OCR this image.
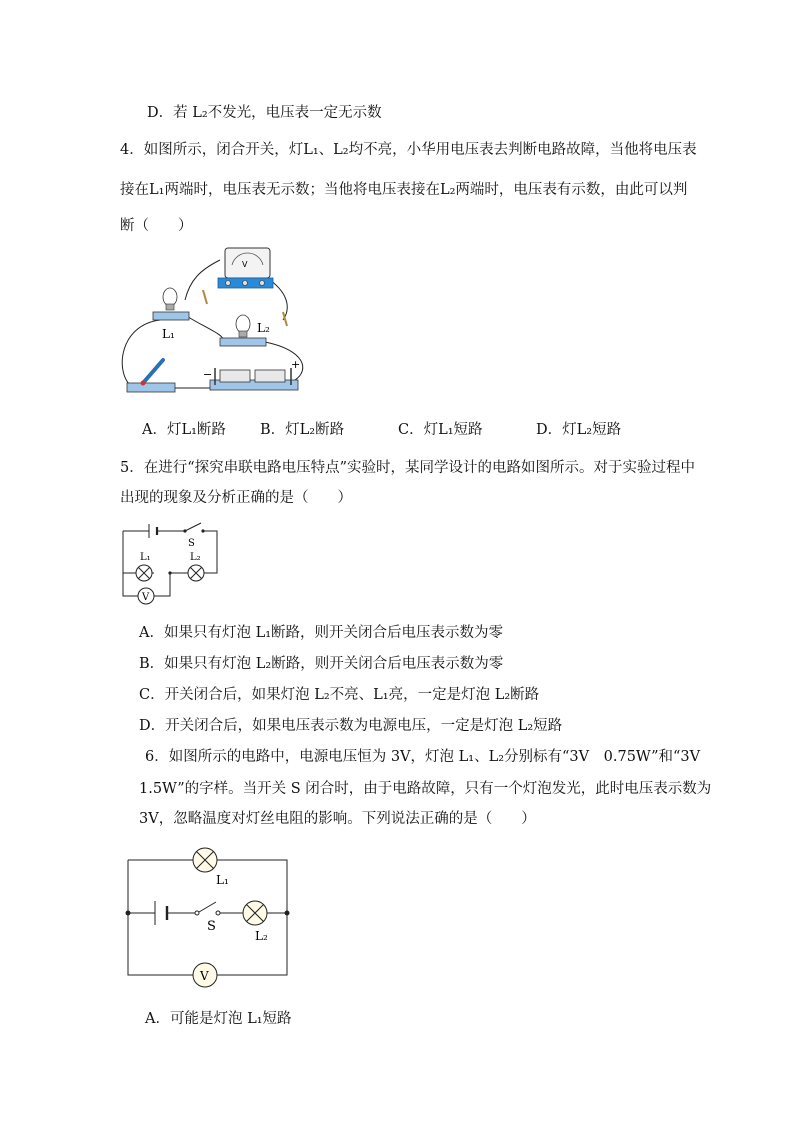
D．若 L₂不发光，电压表一定无示数
4．如图所示，闭合开关，灯L₁、L₂均不亮，小华用电压表去判断电路故障，当他将电压表
接在L₁两端时，电压表无示数；当他将电压表接在L₂两端时，电压表有示数，由此可以判
断（　　）
V
L₁	L₂
−
+
A．灯L₁断路 B．灯L₂断路	C．灯L₁短路	D．灯L₂短路
5．在进行“探究串联电路电压特点”实验时，某同学设计的电路如图所示。对于实验过程中
出现的现象及分析正确的是（　　）
S
L₁	L₂
V
A．如果只有灯泡 L₁断路，则开关闭合后电压表示数为零
B．如果只有灯泡 L₂断路，则开关闭合后电压表示数为零
C．开关闭合后，如果灯泡 L₂不亮、L₁亮，一定是灯泡 L₂断路
D．开关闭合后，如果电压表示数为电源电压，一定是灯泡 L₂短路
6．如图所示的电路中，电源电压恒为 3V，灯泡 L₁、L₂分别标有“3V　0.75W”和“3V
1.5W”的字样。当开关 S 闭合时，由于电路故障，只有一个灯泡发光，此时电压表示数为
3V，忽略温度对灯丝电阻的影响。下列说法正确的是（　　）
S
L₁
L₂
V
A．可能是灯泡 L₁短路
